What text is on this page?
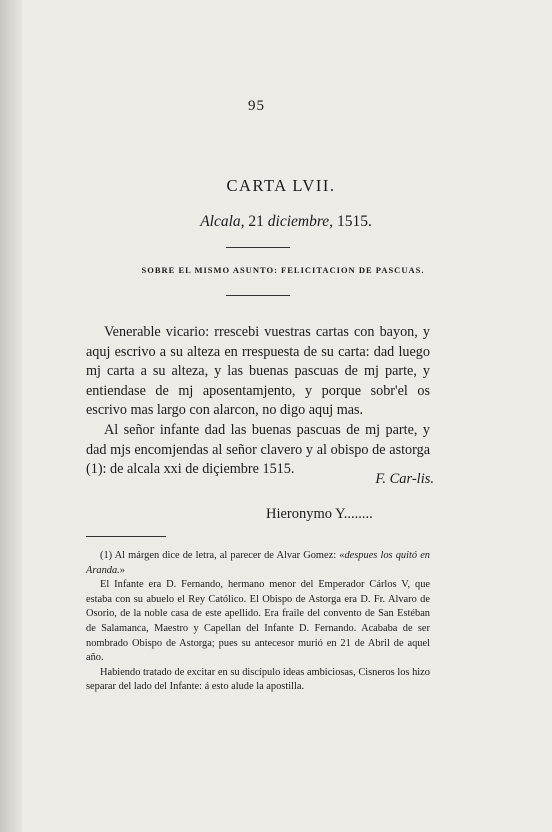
95
CARTA LVII.
Alcala, 21 diciembre, 1515.
SOBRE EL MISMO ASUNTO: FELICITACION DE PASCUAS.

Venerable vicario: rrescebi vuestras cartas con bayon, y aquj escrivo a su alteza en rrespuesta de su carta: dad luego mj carta a su alteza, y las buenas pascuas de mj parte, y entiendase de mj aposentamjento, y porque sobr'el os escrivo mas largo con alarcon, no digo aquj mas.

Al señor infante dad las buenas pascuas de mj parte, y dad mjs encomjendas al señor clavero y al obispo de astorga (1): de alcala xxi de diçiembre 1515.

F. Car-lis.
Hieronymo Y........

(1) Al márgen dice de letra, al parecer de Alvar Gomez: «despues los quitó en Aranda.»

El Infante era D. Fernando, hermano menor del Emperador Cárlos V, que estaba con su abuelo el Rey Católico. El Obispo de Astorga era D. Fr. Alvaro de Osorio, de la noble casa de este apellido. Era fraile del convento de San Estéban de Salamanca, Maestro y Capellan del Infante D. Fernando. Acababa de ser nombrado Obispo de Astorga; pues su antecesor murió en 21 de Abril de aquel año.

Habiendo tratado de excitar en su discípulo ideas ambiciosas, Cisneros los hizo separar del lado del Infante: á esto alude la apostilla.
